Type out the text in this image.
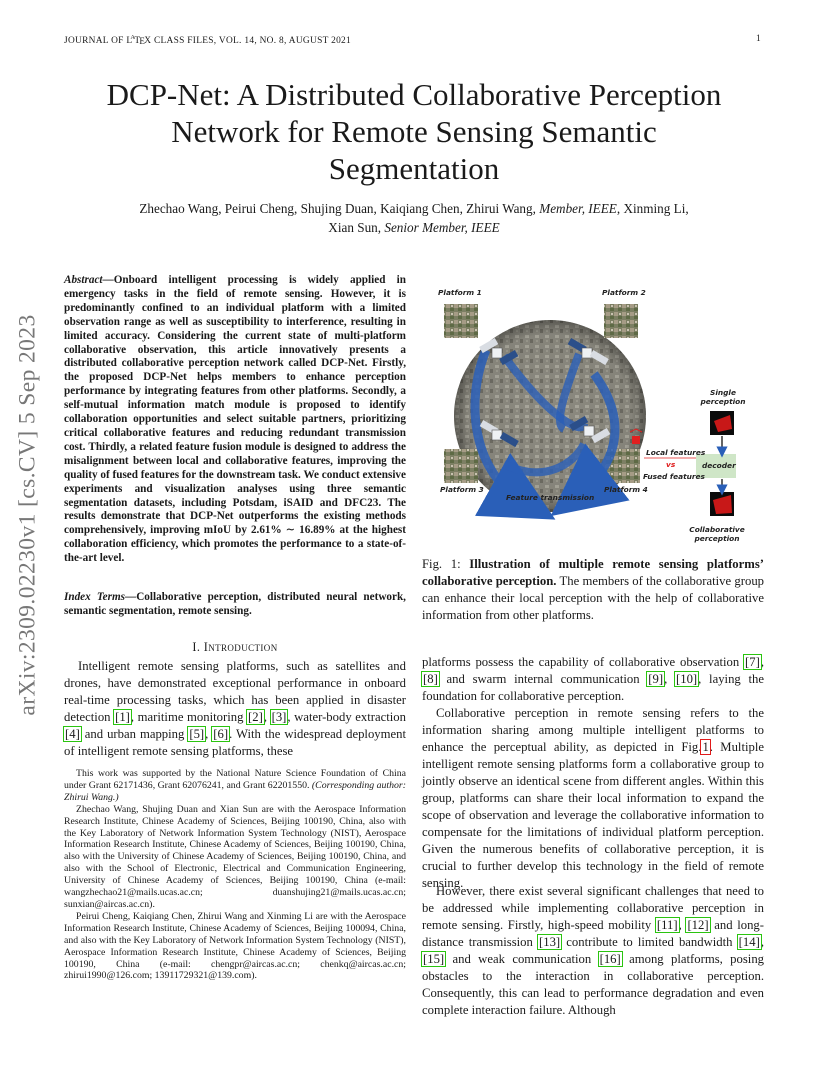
JOURNAL OF $L^AT_EX$ CLASS FILES, VOL. 14, NO. 8, AUGUST 2021	1
arXiv:2309.02230v1 [cs.CV] 5 Sep 2023
DCP-Net: A Distributed Collaborative Perception
Network for Remote Sensing Semantic
Segmentation
Zhechao Wang, Peirui Cheng, Shujing Duan, Kaiqiang Chen, Zhirui Wang, Member, IEEE, Xinming Li,
Xian Sun, Senior Member, IEEE
Abstract—Onboard intelligent processing is widely applied in emergency tasks in the field of remote sensing. However, it is predominantly confined to an individual platform with a limited observation range as well as susceptibility to interference, resulting in limited accuracy. Considering the current state of multi-platform collaborative observation, this article innovatively presents a distributed collaborative perception network called DCP-Net. Firstly, the proposed DCP-Net helps members to enhance perception performance by integrating features from other platforms. Secondly, a self-mutual information match module is proposed to identify collaboration opportunities and select suitable partners, prioritizing critical collaborative features and reducing redundant transmission cost. Thirdly, a related feature fusion module is designed to address the misalignment between local and collaborative features, improving the quality of fused features for the downstream task. We conduct extensive experiments and visualization analyses using three semantic segmentation datasets, including Potsdam, iSAID and DFC23. The results demonstrate that DCP-Net outperforms the existing methods comprehensively, improving mIoU by 2.61% ∼ 16.89% at the highest collaboration efficiency, which promotes the performance to a state-of-the-art level.
Index Terms—Collaborative perception, distributed neural network, semantic segmentation, remote sensing.
I. Introduction
Intelligent remote sensing platforms, such as satellites and drones, have demonstrated exceptional performance in onboard real-time processing tasks, which has been applied in disaster detection [1], maritime monitoring [2], [3], water-body extraction [4] and urban mapping [5], [6]. With the widespread deployment of intelligent remote sensing platforms, these

This work was supported by the National Nature Science Foundation of China under Grant 62171436, Grant 62076241, and Grant 62201550. (Corresponding author: Zhirui Wang.)

Zhechao Wang, Shujing Duan and Xian Sun are with the Aerospace Information Research Institute, Chinese Academy of Sciences, Beijing 100190, China, also with the Key Laboratory of Network Information System Technology (NIST), Aerospace Information Research Institute, Chinese Academy of Sciences, Beijing 100190, China, also with the University of Chinese Academy of Sciences, Beijing 100190, China, and also with the School of Electronic, Electrical and Communication Engineering, University of Chinese Academy of Sciences, Beijing 100190, China (e-mail: wangzhechao21@mails.ucas.ac.cn; duanshujing21@mails.ucas.ac.cn; sunxian@aircas.ac.cn).

Peirui Cheng, Kaiqiang Chen, Zhirui Wang and Xinming Li are with the Aerospace Information Research Institute, Chinese Academy of Sciences, Beijing 100094, China, and also with the Key Laboratory of Network Information System Technology (NIST), Aerospace Information Research Institute, Chinese Academy of Sciences, Beijing 100190, China (e-mail: chengpr@aircas.ac.cn; chenkq@aircas.ac.cn; zhirui1990@126.com; 13911729321@139.com).

Platform 1	Platform 2
Platform 3	Platform 4
Feature transmission
Single
perception
Local features
vs
Fused features
decoder
Collaborative
perception
Fig. 1: Illustration of multiple remote sensing platforms’ collaborative perception. The members of the collaborative group can enhance their local perception with the help of collaborative information from other platforms.
platforms possess the capability of collaborative observation [7], [8] and swarm internal communication [9], [10], laying the foundation for collaborative perception.
Collaborative perception in remote sensing refers to the information sharing among multiple intelligent platforms to enhance the perceptual ability, as depicted in Fig.1. Multiple intelligent remote sensing platforms form a collaborative group to jointly observe an identical scene from different angles. Within this group, platforms can share their local information to expand the scope of observation and leverage the collaborative information to compensate for the limitations of individual platform perception. Given the numerous benefits of collaborative perception, it is crucial to further develop this technology in the field of remote sensing.
However, there exist several significant challenges that need to be addressed while implementing collaborative perception in remote sensing. Firstly, high-speed mobility [11], [12] and long-distance transmission [13] contribute to limited bandwidth [14], [15] and weak communication [16] among platforms, posing obstacles to the interaction in collaborative perception. Consequently, this can lead to performance degradation and even complete interaction failure. Although
